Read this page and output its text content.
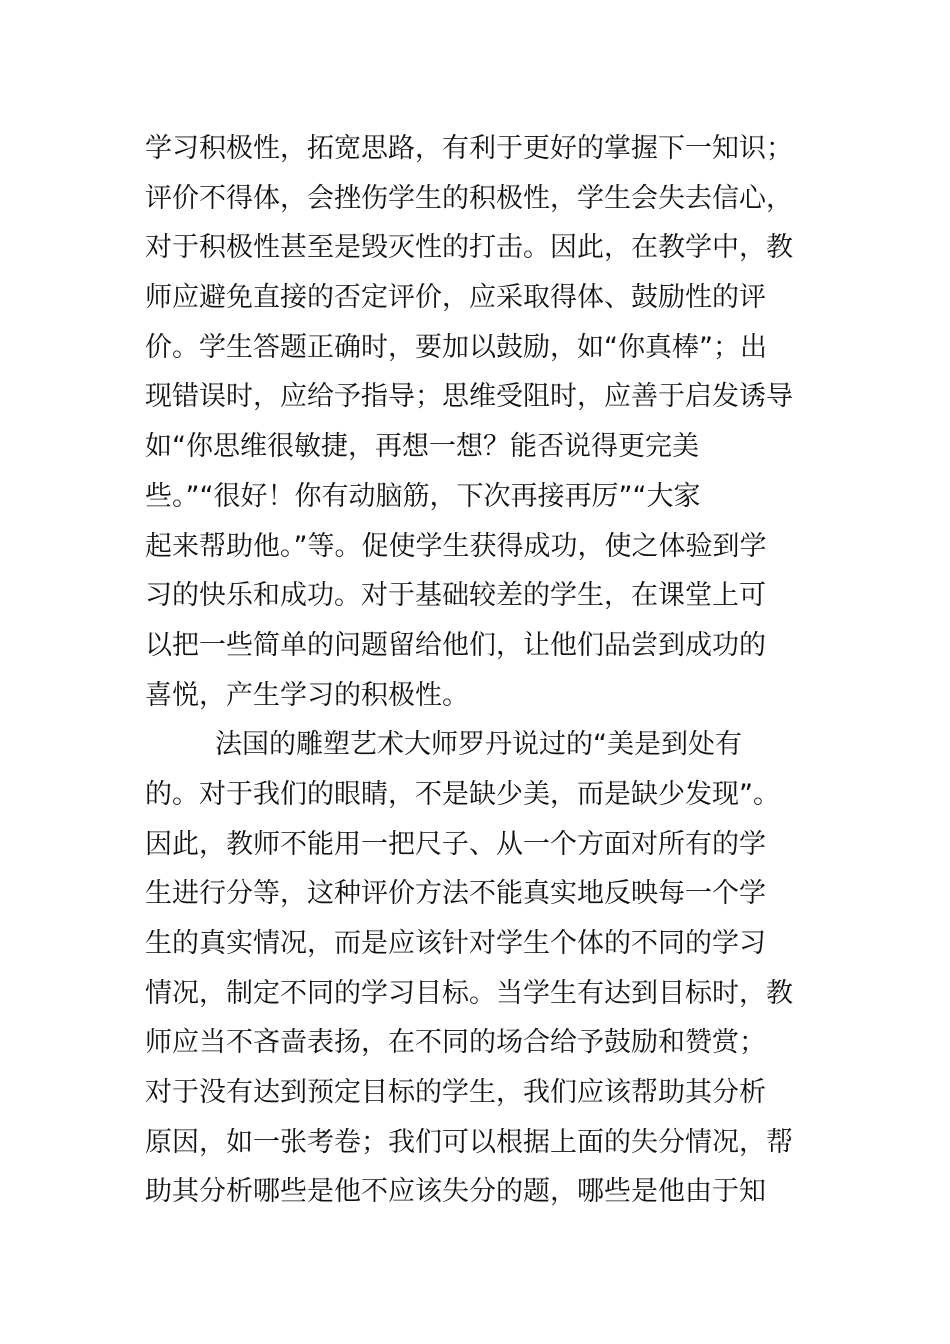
学习积极性，拓宽思路，有利于更好的掌握下一知识；
评价不得体，会挫伤学生的积极性，学生会失去信心，
对于积极性甚至是毁灭性的打击。因此，在教学中，教
师应避免直接的否定评价，应采取得体、鼓励性的评
价。学生答题正确时，要加以鼓励，如“你真棒”；出
现错误时，应给予指导；思维受阻时，应善于启发诱导
如“你思维很敏捷，再想一想？能否说得更完美
些。”“很好！你有动脑筋，下次再接再厉”“大家
起来帮助他。”等。促使学生获得成功，使之体验到学
习的快乐和成功。对于基础较差的学生，在课堂上可
以把一些简单的问题留给他们，让他们品尝到成功的
喜悦，产生学习的积极性。
法国的雕塑艺术大师罗丹说过的“美是到处有
的。对于我们的眼睛，不是缺少美，而是缺少发现”。
因此，教师不能用一把尺子、从一个方面对所有的学
生进行分等，这种评价方法不能真实地反映每一个学
生的真实情况，而是应该针对学生个体的不同的学习
情况，制定不同的学习目标。当学生有达到目标时，教
师应当不吝啬表扬，在不同的场合给予鼓励和赞赏；
对于没有达到预定目标的学生，我们应该帮助其分析
原因，如一张考卷；我们可以根据上面的失分情况，帮
助其分析哪些是他不应该失分的题，哪些是他由于知
